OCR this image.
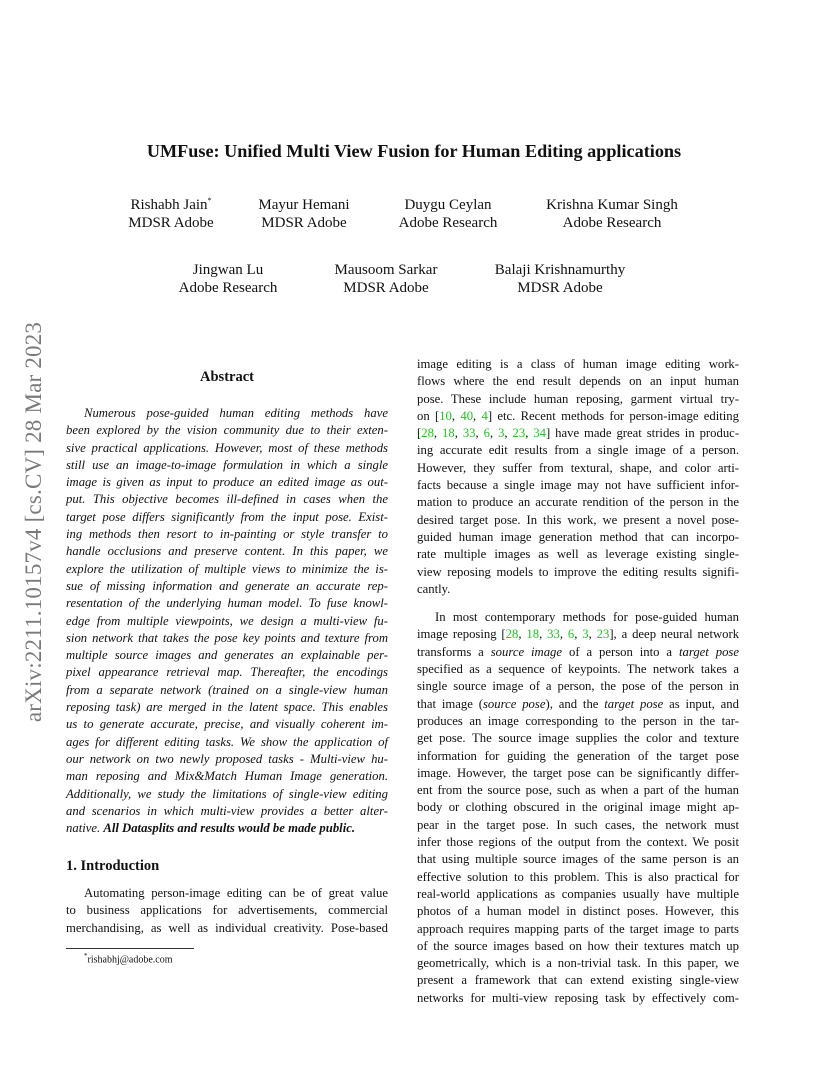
arXiv:2211.10157v4 [cs.CV] 28 Mar 2023
UMFuse: Unified Multi View Fusion for Human Editing applications
Rishabh Jain*
MDSR Adobe
Mayur Hemani
MDSR Adobe
Duygu Ceylan
Adobe Research
Krishna Kumar Singh
Adobe Research
Jingwan Lu
Adobe Research
Mausoom Sarkar
MDSR Adobe
Balaji Krishnamurthy
MDSR Adobe
Abstract
Numerous pose-guided human editing methods have
been explored by the vision community due to their exten-
sive practical applications. However, most of these methods
still use an image-to-image formulation in which a single
image is given as input to produce an edited image as out-
put. This objective becomes ill-defined in cases when the
target pose differs significantly from the input pose. Exist-
ing methods then resort to in-painting or style transfer to
handle occlusions and preserve content. In this paper, we
explore the utilization of multiple views to minimize the is-
sue of missing information and generate an accurate rep-
resentation of the underlying human model. To fuse knowl-
edge from multiple viewpoints, we design a multi-view fu-
sion network that takes the pose key points and texture from
multiple source images and generates an explainable per-
pixel appearance retrieval map. Thereafter, the encodings
from a separate network (trained on a single-view human
reposing task) are merged in the latent space. This enables
us to generate accurate, precise, and visually coherent im-
ages for different editing tasks. We show the application of
our network on two newly proposed tasks - Multi-view hu-
man reposing and Mix&Match Human Image generation.
Additionally, we study the limitations of single-view editing
and scenarios in which multi-view provides a better alter-
native. All Datasplits and results would be made public.
1. Introduction
Automating person-image editing can be of great value
to business applications for advertisements, commercial
merchandising, as well as individual creativity. Pose-based
*rishabhj@adobe.com
image editing is a class of human image editing work-
flows where the end result depends on an input human
pose. These include human reposing, garment virtual try-
on [10, 40, 4] etc. Recent methods for person-image editing
[28, 18, 33, 6, 3, 23, 34] have made great strides in produc-
ing accurate edit results from a single image of a person.
However, they suffer from textural, shape, and color arti-
facts because a single image may not have sufficient infor-
mation to produce an accurate rendition of the person in the
desired target pose. In this work, we present a novel pose-
guided human image generation method that can incorpo-
rate multiple images as well as leverage existing single-
view reposing models to improve the editing results signifi-
cantly.
In most contemporary methods for pose-guided human
image reposing [28, 18, 33, 6, 3, 23], a deep neural network
transforms a source image of a person into a target pose
specified as a sequence of keypoints. The network takes a
single source image of a person, the pose of the person in
that image (source pose), and the target pose as input, and
produces an image corresponding to the person in the tar-
get pose. The source image supplies the color and texture
information for guiding the generation of the target pose
image. However, the target pose can be significantly differ-
ent from the source pose, such as when a part of the human
body or clothing obscured in the original image might ap-
pear in the target pose. In such cases, the network must
infer those regions of the output from the context. We posit
that using multiple source images of the same person is an
effective solution to this problem. This is also practical for
real-world applications as companies usually have multiple
photos of a human model in distinct poses. However, this
approach requires mapping parts of the target image to parts
of the source images based on how their textures match up
geometrically, which is a non-trivial task. In this paper, we
present a framework that can extend existing single-view
networks for multi-view reposing task by effectively com-
